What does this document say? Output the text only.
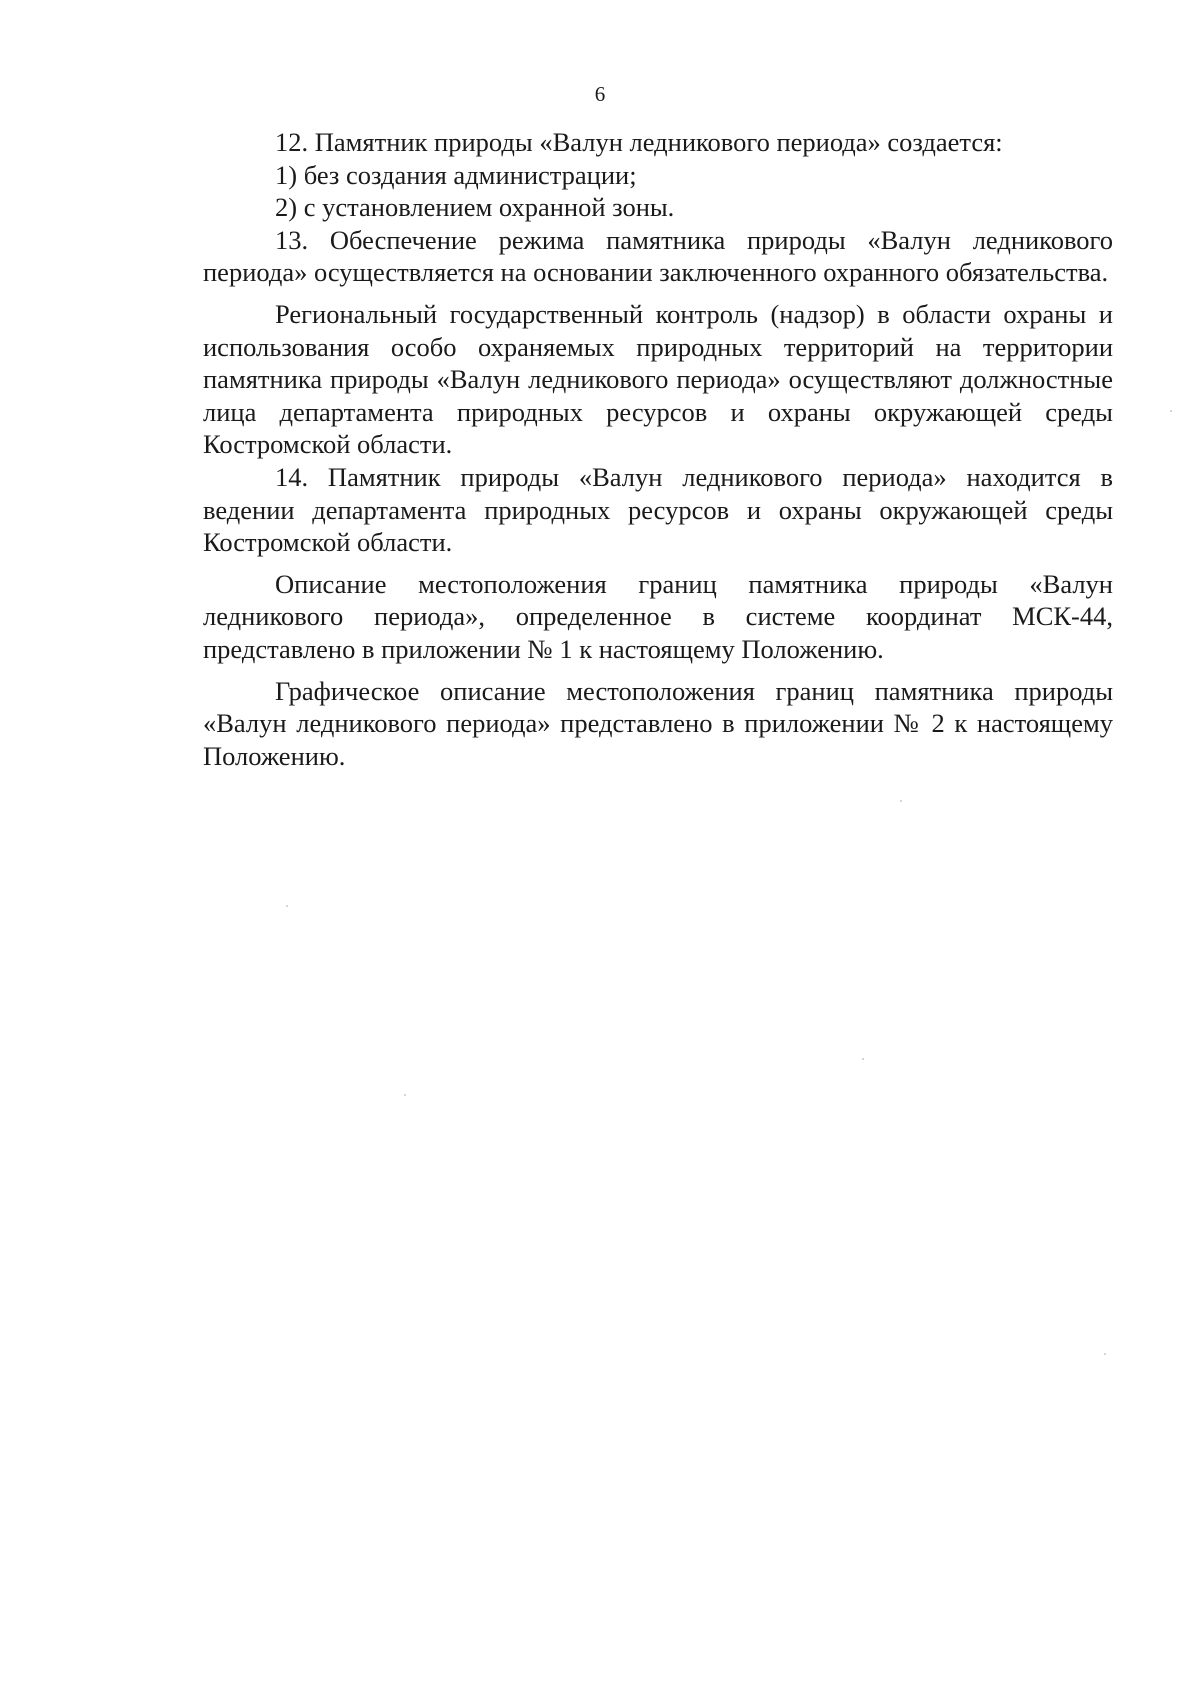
6

12. Памятник природы «Валун ледникового периода» создается:

1) без создания администрации;

2) с установлением охранной зоны.

13. Обеспечение режима памятника природы «Валун ледникового периода» осуществляется на основании заключенного охранного обязательства.

Региональный государственный контроль (надзор) в области охраны и использования особо охраняемых природных территорий на территории памятника природы «Валун ледникового периода» осуществляют должностные лица департамента природных ресурсов и охраны окружающей среды Костромской области.

14. Памятник природы «Валун ледникового периода» находится в ведении департамента природных ресурсов и охраны окружающей среды Костромской области.

Описание местоположения границ памятника природы «Валун ледникового периода», определенное в системе координат МСК-44, представлено в приложении № 1 к настоящему Положению.

Графическое описание местоположения границ памятника природы «Валун ледникового периода» представлено в приложении № 2 к настоящему Положению.
